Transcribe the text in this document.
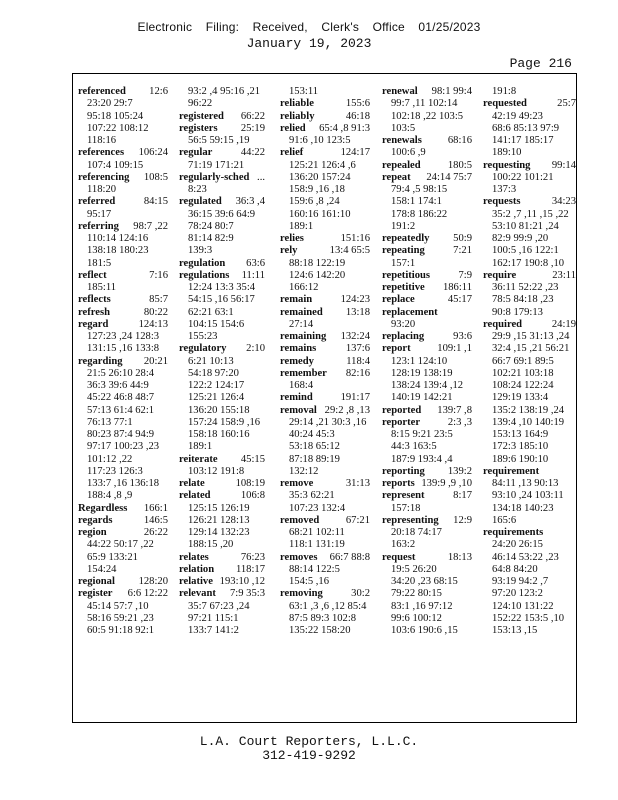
Electronic Filing: Received, Clerk's Office 01/25/2023
January 19, 2023
Page 216
referenced 12:6
23:20 29:7
95:18 105:24
107:22 108:12
118:16
references 106:24
107:4 109:15
referencing 108:5
118:20
referred	84:15
95:17
referring 98:7 ,22
110:14 124:16
138:18 180:23
181:5
reflect	7:16
185:11
reflects	85:7
refresh	80:22
regard	124:13
127:23 ,24 128:3
131:15 ,16 133:8
regarding 20:21
21:5 26:10 28:4
36:3 39:6 44:9
45:22 46:8 48:7
57:13 61:4 62:1
76:13 77:1
80:23 87:4 94:9
97:17 100:23 ,23
101:12 ,22
117:23 126:3
133:7 ,16 136:18
188:4 ,8 ,9
Regardless 166:1
regards	146:5
region	26:22
44:22 50:17 ,22
65:9 133:21
154:24
regional 128:20
register 6:6 12:22
45:14 57:7 ,10
58:16 59:21 ,23
60:5 91:18 92:1
93:2 ,4 95:16 ,21
96:22
registered 66:22
registers 25:19
56:5 59:15 ,19
regular	44:22
71:19 171:21
regularly-sched ...
8:23
regulated 36:3 ,4
36:15 39:6 64:9
78:24 80:7
81:14 82:9
139:3
regulation 63:6
regulations 11:11
12:24 13:3 35:4
54:15 ,16 56:17
62:21 63:1
104:15 154:6
155:23
regulatory 2:10
6:21 10:13
54:18 97:20
122:2 124:17
125:21 126:4
136:20 155:18
157:24 158:9 ,16
158:18 160:16
189:1
reiterate 45:15
103:12 191:8
relate	108:19
related	106:8
125:15 126:19
126:21 128:13
129:14 132:23
188:15 ,20
relates	76:23
relation 118:17
relative 193:10 ,12
relevant 7:9 35:3
35:7 67:23 ,24
97:21 115:1
133:7 141:2
153:11
reliable	155:6
reliably	46:18
relied 65:4 ,8 91:3
91:6 ,10 123:5
relief	124:17
125:21 126:4 ,6
136:20 157:24
158:9 ,16 ,18
159:6 ,8 ,24
160:16 161:10
189:1
relies	151:16
rely	13:4 65:5
88:18 122:19
124:6 142:20
166:12
remain	124:23
remained 13:18
27:14
remaining 132:24
remains	137:6
remedy	118:4
remember 82:16
168:4
remind	191:17
removal 29:2 ,8 ,13
29:14 ,21 30:3 ,16
40:24 45:3
53:18 65:12
87:18 89:19
132:12
remove	31:13
35:3 62:21
107:23 132:4
removed	67:21
68:21 102:11
118:1 131:19
removes 66:7 88:8
88:14 122:5
154:5 ,16
removing	30:2
63:1 ,3 ,6 ,12 85:4
87:5 89:3 102:8
135:22 158:20
renewal 98:1 99:4
99:7 ,11 102:14
102:18 ,22 103:5
103:5
renewals 68:16
100:6 ,9
repealed	180:5
repeat 24:14 75:7
79:4 ,5 98:15
158:1 174:1
178:8 186:22
191:2
repeatedly 50:9
repeating	7:21
157:1
repetitious	7:9
repetitive 186:11
replace	45:17
replacement
93:20
replacing	93:6
report	109:1 ,1
123:1 124:10
128:19 138:19
138:24 139:4 ,12
140:19 142:21
reported 139:7 ,8
reporter	2:3 ,3
8:15 9:21 23:5
44:3 163:5
187:9 193:4 ,4
reporting 139:2
reports 139:9 ,9 ,10
represent	8:17
157:18
representing 12:9
20:18 74:17
163:2
request	18:13
19:5 26:20
34:20 ,23 68:15
79:22 80:15
83:1 ,16 97:12
99:6 100:12
103:6 190:6 ,15
191:8
requested	25:7
42:19 49:23
68:6 85:13 97:9
141:17 185:17
189:10
requesting 99:14
100:22 101:21
137:3
requests	34:23
35:2 ,7 ,11 ,15 ,22
53:10 81:21 ,24
82:9 99:9 ,20
100:5 ,16 122:1
162:17 190:8 ,10
require	23:11
36:11 52:22 ,23
78:5 84:18 ,23
90:8 179:13
required	24:19
29:9 ,15 31:13 ,24
32:4 ,15 ,21 56:21
66:7 69:1 89:5
102:21 103:18
108:24 122:24
129:19 133:4
135:2 138:19 ,24
139:4 ,10 140:19
153:13 164:9
172:3 185:10
189:6 190:10
requirement
84:11 ,13 90:13
93:10 ,24 103:11
134:18 140:23
165:6
requirements
24:20 26:15
46:14 53:22 ,23
64:8 84:20
93:19 94:2 ,7
97:20 123:2
124:10 131:22
152:22 153:5 ,10
153:13 ,15
L.A. Court Reporters, L.L.C.
312-419-9292
